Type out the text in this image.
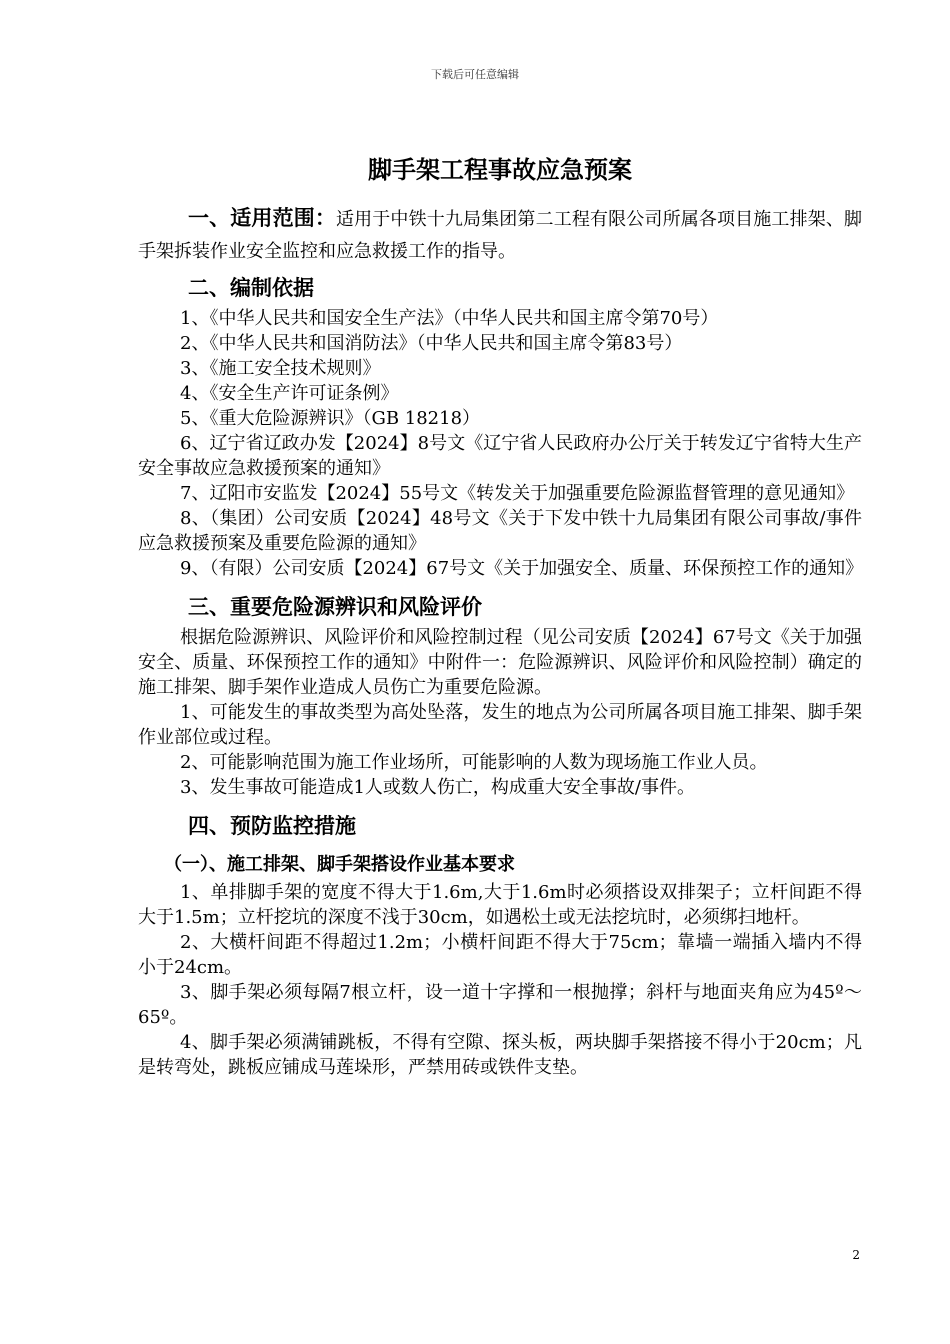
下载后可任意编辑
脚手架工程事故应急预案

一、适用范围：适用于中铁十九局集团第二工程有限公司所属各项目施工排架、脚手架拆装作业安全监控和应急救援工作的指导。

二、编制依据

1、《中华人民共和国安全生产法》（中华人民共和国主席令第70号）

2、《中华人民共和国消防法》（中华人民共和国主席令第83号）

3、《施工安全技术规则》

4、《安全生产许可证条例》

5、《重大危险源辨识》（GB 18218）

6、辽宁省辽政办发【2024】8号文《辽宁省人民政府办公厅关于转发辽宁省特大生产安全事故应急救援预案的通知》

7、辽阳市安监发【2024】55号文《转发关于加强重要危险源监督管理的意见通知》

8、（集团）公司安质【2024】48号文《关于下发中铁十九局集团有限公司事故/事件应急救援预案及重要危险源的通知》

9、（有限）公司安质【2024】67号文《关于加强安全、质量、环保预控工作的通知》

三、重要危险源辨识和风险评价

根据危险源辨识、风险评价和风险控制过程（见公司安质【2024】67号文《关于加强安全、质量、环保预控工作的通知》中附件一：危险源辨识、风险评价和风险控制）确定的施工排架、脚手架作业造成人员伤亡为重要危险源。

1、可能发生的事故类型为高处坠落，发生的地点为公司所属各项目施工排架、脚手架作业部位或过程。

2、可能影响范围为施工作业场所，可能影响的人数为现场施工作业人员。

3、发生事故可能造成1人或数人伤亡，构成重大安全事故/事件。

四、预防监控措施
（一）、施工排架、脚手架搭设作业基本要求

1、单排脚手架的宽度不得大于1.6m,大于1.6m时必须搭设双排架子；立杆间距不得大于1.5m；立杆挖坑的深度不浅于30cm，如遇松土或无法挖坑时，必须绑扫地杆。

2、大横杆间距不得超过1.2m；小横杆间距不得大于75cm；靠墙一端插入墙内不得小于24cm。

3、脚手架必须每隔7根立杆，设一道十字撑和一根抛撑；斜杆与地面夹角应为45º～65º。

4、脚手架必须满铺跳板，不得有空隙、探头板，两块脚手架搭接不得小于20cm；凡是转弯处，跳板应铺成马莲垛形，严禁用砖或铁件支垫。

2
